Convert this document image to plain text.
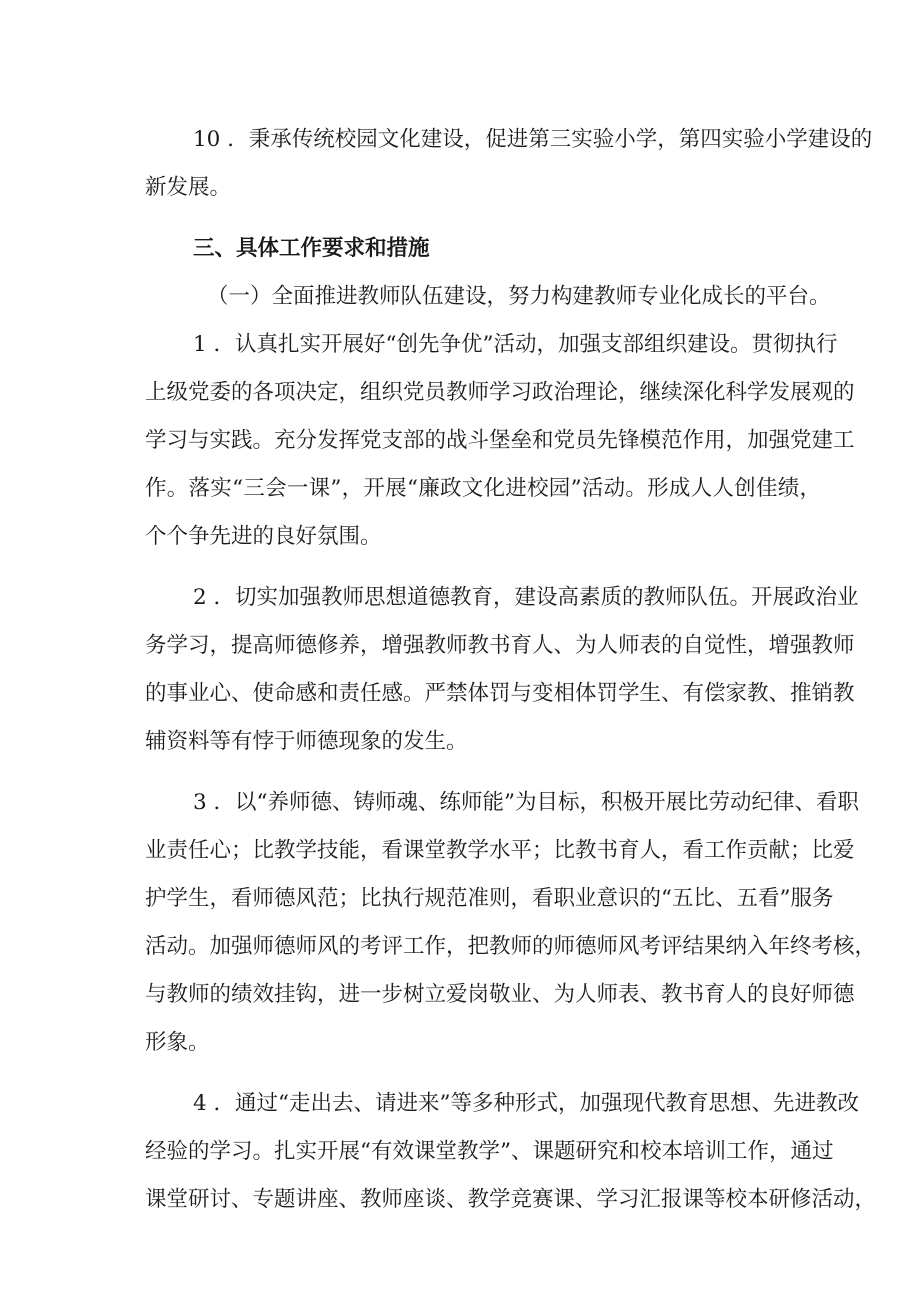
10 ．秉承传统校园文化建设，促进第三实验小学，第四实验小学建设的
新发展。
三、具体工作要求和措施
（一）全面推进教师队伍建设，努力构建教师专业化成长的平台。
1 ．认真扎实开展好“创先争优”活动，加强支部组织建设。贯彻执行
上级党委的各项决定，组织党员教师学习政治理论，继续深化科学发展观的
学习与实践。充分发挥党支部的战斗堡垒和党员先锋模范作用，加强党建工
作。落实“三会一课”，开展“廉政文化进校园”活动。形成人人创佳绩，
个个争先进的良好氛围。
2 ．切实加强教师思想道德教育，建设高素质的教师队伍。开展政治业
务学习，提高师德修养，增强教师教书育人、为人师表的自觉性，增强教师
的事业心、使命感和责任感。严禁体罚与变相体罚学生、有偿家教、推销教
辅资料等有悖于师德现象的发生。
3 ．以“养师德、铸师魂、练师能”为目标，积极开展比劳动纪律、看职
业责任心；比教学技能，看课堂教学水平；比教书育人，看工作贡献；比爱
护学生，看师德风范；比执行规范准则，看职业意识的“五比、五看”服务
活动。加强师德师风的考评工作，把教师的师德师风考评结果纳入年终考核，
与教师的绩效挂钩，进一步树立爱岗敬业、为人师表、教书育人的良好师德
形象。
4 ．通过“走出去、请进来”等多种形式，加强现代教育思想、先进教改
经验的学习。扎实开展“有效课堂教学”、课题研究和校本培训工作，通过
课堂研讨、专题讲座、教师座谈、教学竞赛课、学习汇报课等校本研修活动，
